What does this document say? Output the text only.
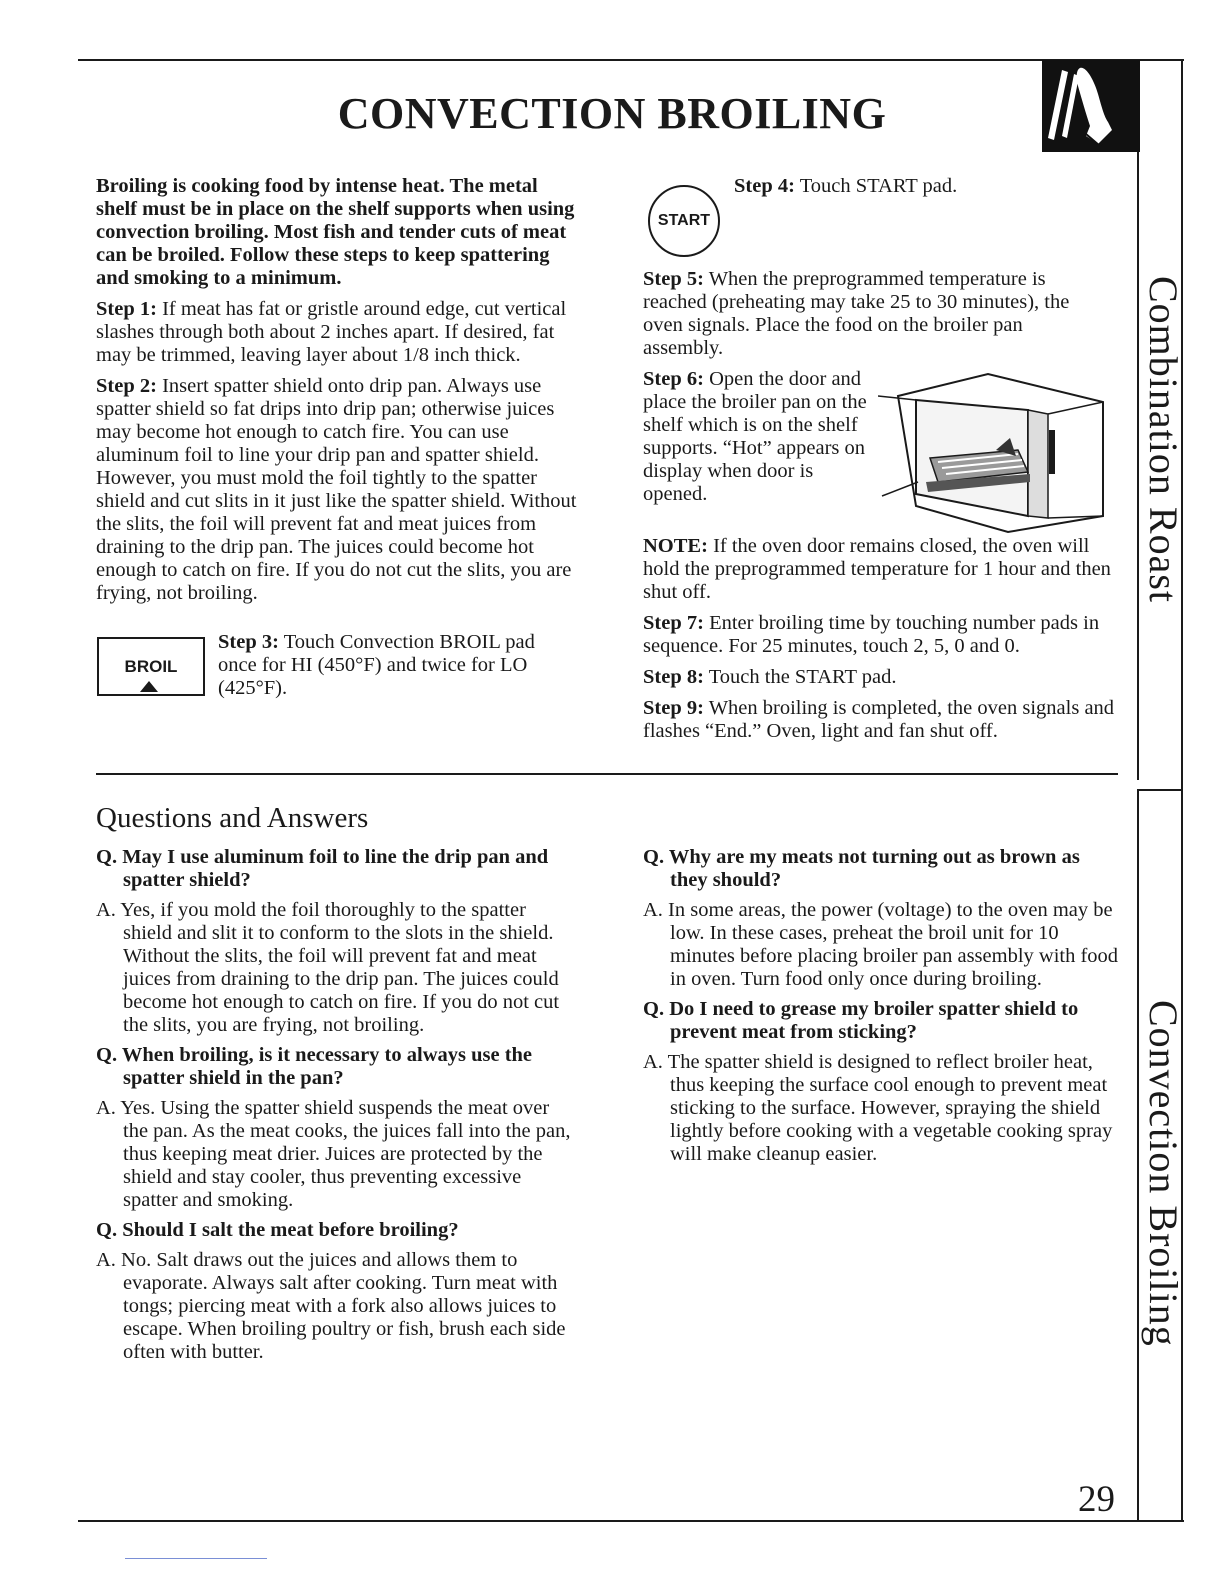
CONVECTION BROILING

Broiling is cooking food by intense heat. The metal shelf must be in place on the shelf supports when using convection broiling. Most fish and tender cuts of meat can be broiled. Follow these steps to keep spattering and smoking to a minimum.

Step 1: If meat has fat or gristle around edge, cut vertical slashes through both about 2 inches apart. If desired, fat may be trimmed, leaving layer about 1/8 inch thick.

Step 2: Insert spatter shield onto drip pan. Always use spatter shield so fat drips into drip pan; otherwise juices may become hot enough to catch fire. You can use aluminum foil to line your drip pan and spatter shield. However, you must mold the foil tightly to the spatter shield and cut slits in it just like the spatter shield. Without the slits, the foil will prevent fat and meat juices from draining to the drip pan. The juices could become hot enough to catch on fire. If you do not cut the slits, you are frying, not broiling.

BROIL
Step 3: Touch Convection BROIL pad once for HI (450°F) and twice for LO (425°F).
START
Step 4: Touch START pad.

Step 5: When the preprogrammed temperature is reached (preheating may take 25 to 30 minutes), the oven signals. Place the food on the broiler pan assembly.

Step 6: Open the door and place the broiler pan on the shelf which is on the shelf supports. “Hot” appears on display when door is opened.

NOTE: If the oven door remains closed, the oven will hold the preprogrammed temperature for 1 hour and then shut off.

Step 7: Enter broiling time by touching number pads in sequence. For 25 minutes, touch 2, 5, 0 and 0.

Step 8: Touch the START pad.

Step 9: When broiling is completed, the oven signals and flashes “End.” Oven, light and fan shut off.

Questions and Answers

Q. May I use aluminum foil to line the drip pan and spatter shield?

A. Yes, if you mold the foil thoroughly to the spatter shield and slit it to conform to the slots in the shield. Without the slits, the foil will prevent fat and meat juices from draining to the drip pan. The juices could become hot enough to catch on fire. If you do not cut the slits, you are frying, not broiling.

Q. When broiling, is it necessary to always use the spatter shield in the pan?

A. Yes. Using the spatter shield suspends the meat over the pan. As the meat cooks, the juices fall into the pan, thus keeping meat drier. Juices are protected by the shield and stay cooler, thus preventing excessive spatter and smoking.

Q. Should I salt the meat before broiling?

A. No. Salt draws out the juices and allows them to evaporate. Always salt after cooking. Turn meat with tongs; piercing meat with a fork also allows juices to escape. When broiling poultry or fish, brush each side often with butter.

Q. Why are my meats not turning out as brown as they should?

A. In some areas, the power (voltage) to the oven may be low. In these cases, preheat the broil unit for 10 minutes before placing broiler pan assembly with food in oven. Turn food only once during broiling.

Q. Do I need to grease my broiler spatter shield to prevent meat from sticking?

A. The spatter shield is designed to reflect broiler heat, thus keeping the surface cool enough to prevent meat sticking to the surface. However, spraying the shield lightly before cooking with a vegetable cooking spray will make cleanup easier.

Combination Roast
Convection Broiling
29
